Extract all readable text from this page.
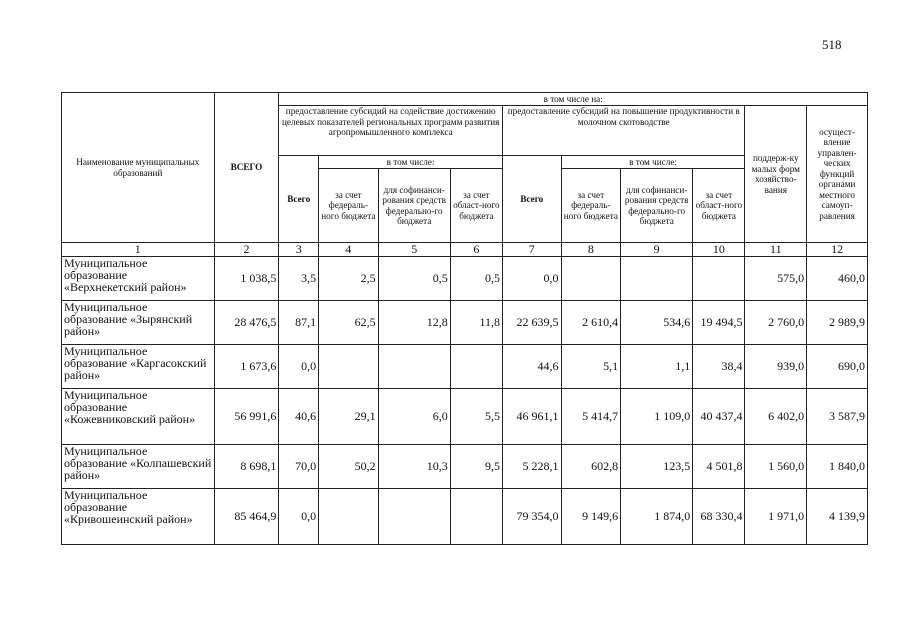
518
Наименование муниципальных образований	ВСЕГО	в том числе на:									
		предоставление субсидий на содействие достижению целевых показателей региональных программ развития агропромышленного комплекса				предоставление субсидий на повышение продуктивности в молочном скотоводстве				поддерж-ку малых форм хозяйство-вания	осущест-вление управлен-ческих функций органами местного самоуп-равления
		Всего	в том числе:			Всего	в том числе:				
			за счет федераль-ного бюджета	для софинанси-рования средств федерально-го бюджета	за счет област-ного бюджета		за счет федераль-ного бюджета	для софинанси-рования средств федерально-го бюджета	за счет област-ного бюджета		
1	2	3	4	5	6	7	8	9	10	11	12
Муниципальное образование «Верхнекетский район»	1 038,5	3,5	2,5	0,5	0,5	0,0				575,0	460,0
Муниципальное образование «Зырянский район»	28 476,5	87,1	62,5	12,8	11,8	22 639,5	2 610,4	534,6	19 494,5	2 760,0	2 989,9
Муниципальное образование «Каргасокский район»	1 673,6	0,0				44,6	5,1	1,1	38,4	939,0	690,0
Муниципальное образование «Кожевниковский район»	56 991,6	40,6	29,1	6,0	5,5	46 961,1	5 414,7	1 109,0	40 437,4	6 402,0	3 587,9
Муниципальное образование «Колпашевский район»	8 698,1	70,0	50,2	10,3	9,5	5 228,1	602,8	123,5	4 501,8	1 560,0	1 840,0
Муниципальное образование «Кривошеинский район»	85 464,9	0,0				79 354,0	9 149,6	1 874,0	68 330,4	1 971,0	4 139,9
